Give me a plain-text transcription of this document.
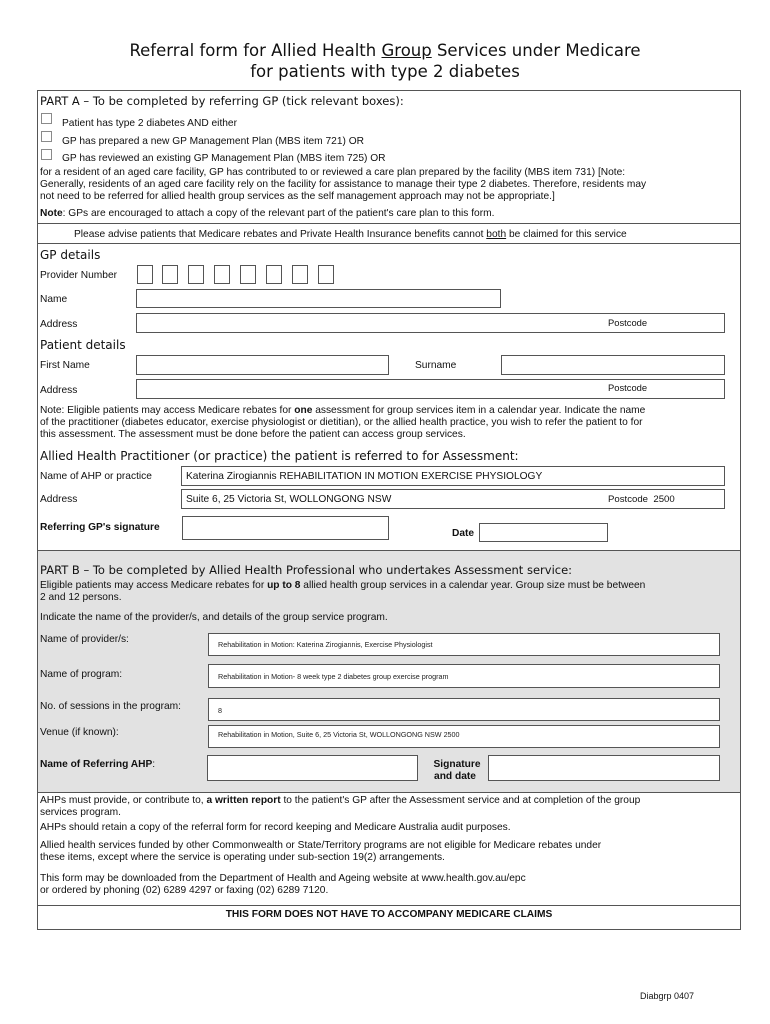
Referral form for Allied Health Group Services under Medicare
for patients with type 2 diabetes
PART A – To be completed by referring GP (tick relevant boxes):
Patient has type 2 diabetes AND either
GP has prepared a new GP Management Plan (MBS item 721) OR
GP has reviewed an existing GP Management Plan (MBS item 725) OR
for a resident of an aged care facility, GP has contributed to or reviewed a care plan prepared by the facility (MBS item 731) [Note:
Generally, residents of an aged care facility rely on the facility for assistance to manage their type 2 diabetes. Therefore, residents may
not need to be referred for allied health group services as the self management approach may not be appropriate.]
Note: GPs are encouraged to attach a copy of the relevant part of the patient's care plan to this form.
Please advise patients that Medicare rebates and Private Health Insurance benefits cannot both be claimed for this service
GP details
Provider Number
Name
Address	Postcode
Patient details
First Name	Surname
Address	Postcode
Note: Eligible patients may access Medicare rebates for one assessment for group services item in a calendar year. Indicate the name
of the practitioner (diabetes educator, exercise physiologist or dietitian), or the allied health practice, you wish to refer the patient to for
this assessment. The assessment must be done before the patient can access group services.
Allied Health Practitioner (or practice) the patient is referred to for Assessment:
Name of AHP or practice	Katerina Zirogiannis REHABILITATION IN MOTION EXERCISE PHYSIOLOGY
Address	Suite 6, 25 Victoria St, WOLLONGONG NSW	Postcode 2500
Referring GP's signature
Date
PART B – To be completed by Allied Health Professional who undertakes Assessment service:
Eligible patients may access Medicare rebates for up to 8 allied health group services in a calendar year. Group size must be between
2 and 12 persons.
Indicate the name of the provider/s, and details of the group service program.
Name of provider/s:	Rehabilitation in Motion: Katerina Zirogiannis, Exercise Physiologist
Name of program:	Rehabilitation in Motion- 8 week type 2 diabetes group exercise program
No. of sessions in the program:	8
Venue (if known):	Rehabilitation in Motion, Suite 6, 25 Victoria St, WOLLONGONG NSW 2500
Name of Referring AHP:	Signature
and date
AHPs must provide, or contribute to, a written report to the patient's GP after the Assessment service and at completion of the group
services program.
AHPs should retain a copy of the referral form for record keeping and Medicare Australia audit purposes.
Allied health services funded by other Commonwealth or State/Territory programs are not eligible for Medicare rebates under
these items, except where the service is operating under sub-section 19(2) arrangements.
This form may be downloaded from the Department of Health and Ageing website at www.health.gov.au/epc
or ordered by phoning (02) 6289 4297 or faxing (02) 6289 7120.
THIS FORM DOES NOT HAVE TO ACCOMPANY MEDICARE CLAIMS
Diabgrp 0407
